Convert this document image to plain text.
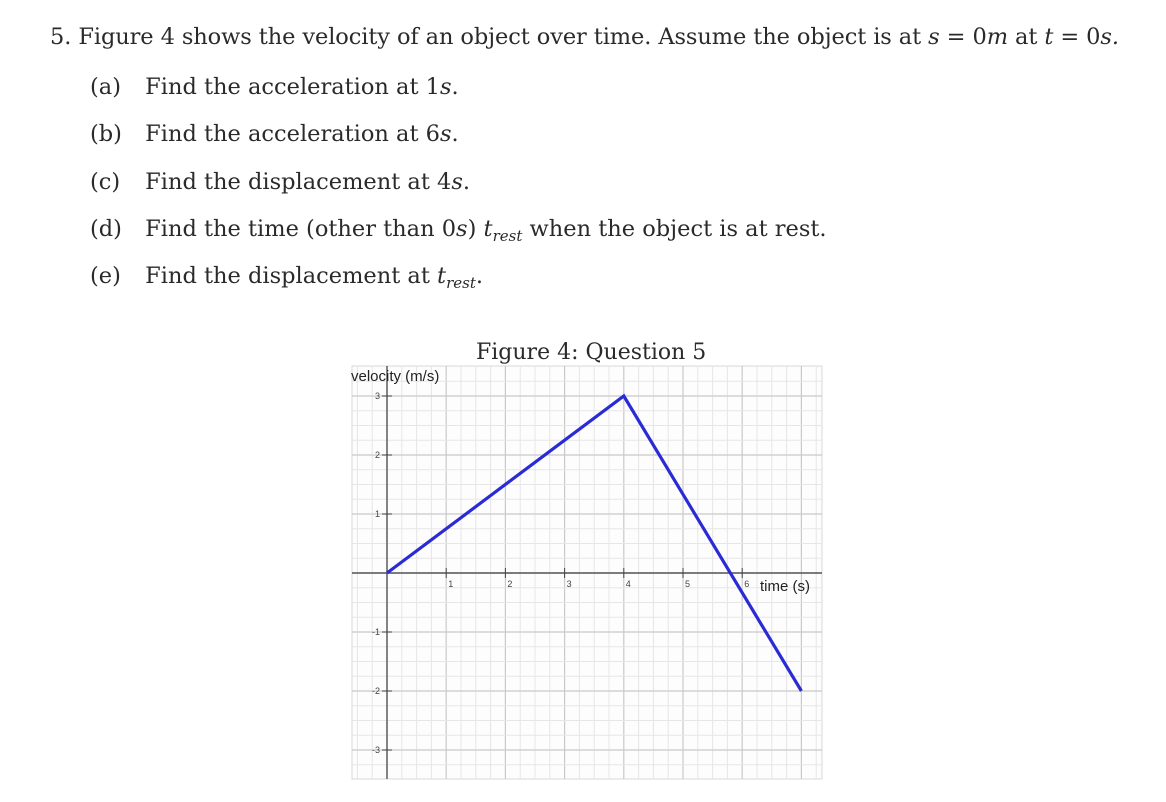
5. Figure 4 shows the velocity of an object over time. Assume the object is at s = 0m at t = 0s.
(a) Find the acceleration at 1s.
(b) Find the acceleration at 6s.
(c) Find the displacement at 4s.
(d) Find the time (other than 0s) $t_{rest}$ when the object is at rest.
(e) Find the displacement at $t_{rest}$.
Figure 4: Question 5
1	2	3	4	5	6
3
2
1
-1
-2
-3
velocity (m/s)
time (s)
